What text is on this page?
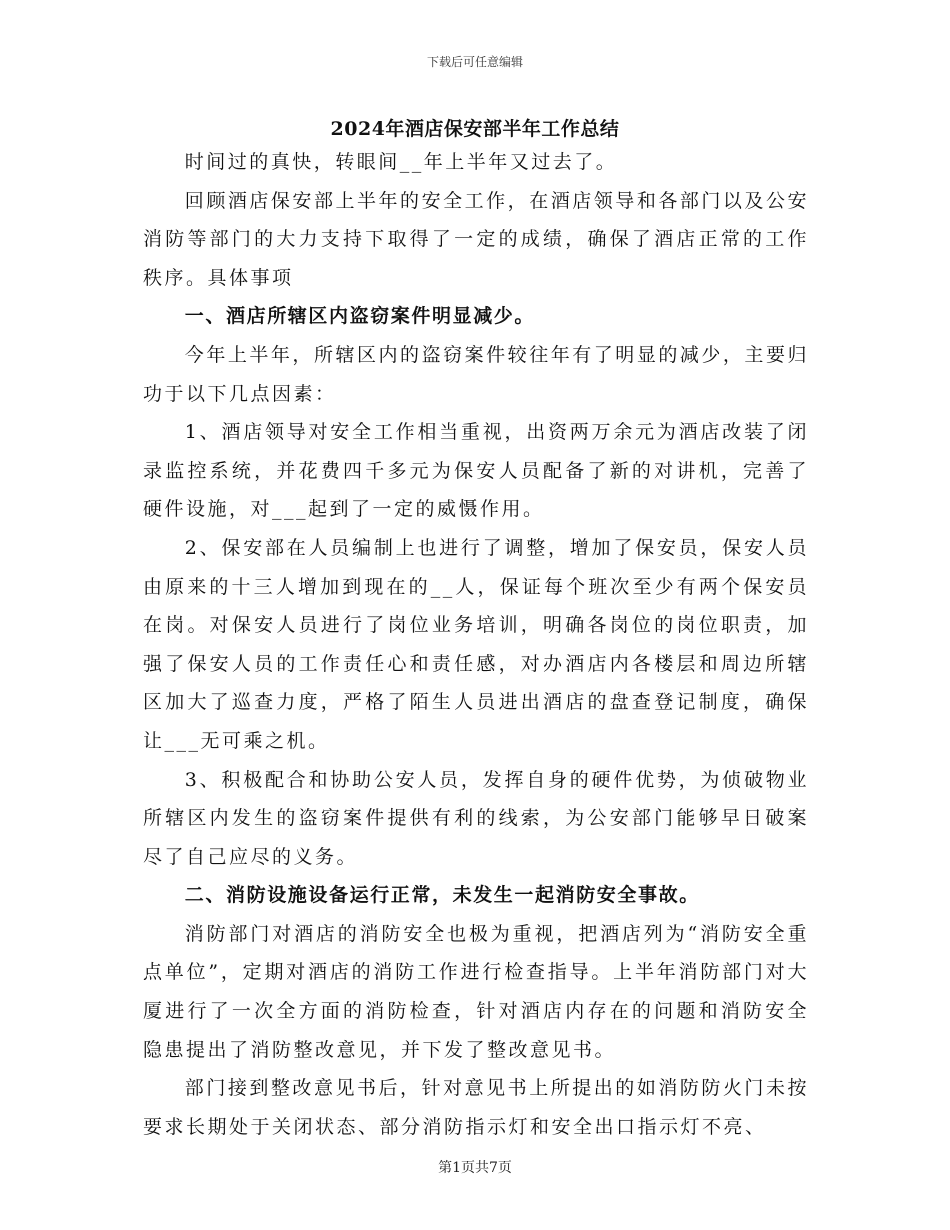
下载后可任意编辑
2024年酒店保安部半年工作总结

时间过的真快，转眼间__年上半年又过去了。

回顾酒店保安部上半年的安全工作，在酒店领导和各部门以及公安消防等部门的大力支持下取得了一定的成绩，确保了酒店正常的工作秩序。具体事项

一、酒店所辖区内盗窃案件明显减少。

今年上半年，所辖区内的盗窃案件较往年有了明显的减少，主要归功于以下几点因素：

1、酒店领导对安全工作相当重视，出资两万余元为酒店改装了闭录监控系统，并花费四千多元为保安人员配备了新的对讲机，完善了硬件设施，对___起到了一定的威慑作用。

2、保安部在人员编制上也进行了调整，增加了保安员，保安人员由原来的十三人增加到现在的__人，保证每个班次至少有两个保安员在岗。对保安人员进行了岗位业务培训，明确各岗位的岗位职责，加强了保安人员的工作责任心和责任感，对办酒店内各楼层和周边所辖区加大了巡查力度，严格了陌生人员进出酒店的盘查登记制度，确保让___无可乘之机。

3、积极配合和协助公安人员，发挥自身的硬件优势，为侦破物业所辖区内发生的盗窃案件提供有利的线索，为公安部门能够早日破案尽了自己应尽的义务。

二、消防设施设备运行正常，未发生一起消防安全事故。

消防部门对酒店的消防安全也极为重视，把酒店列为“消防安全重点单位”，定期对酒店的消防工作进行检查指导。上半年消防部门对大厦进行了一次全方面的消防检查，针对酒店内存在的问题和消防安全隐患提出了消防整改意见，并下发了整改意见书。

部门接到整改意见书后，针对意见书上所提出的如消防防火门未按要求长期处于关闭状态、部分消防指示灯和安全出口指示灯不亮、

第1页共7页
